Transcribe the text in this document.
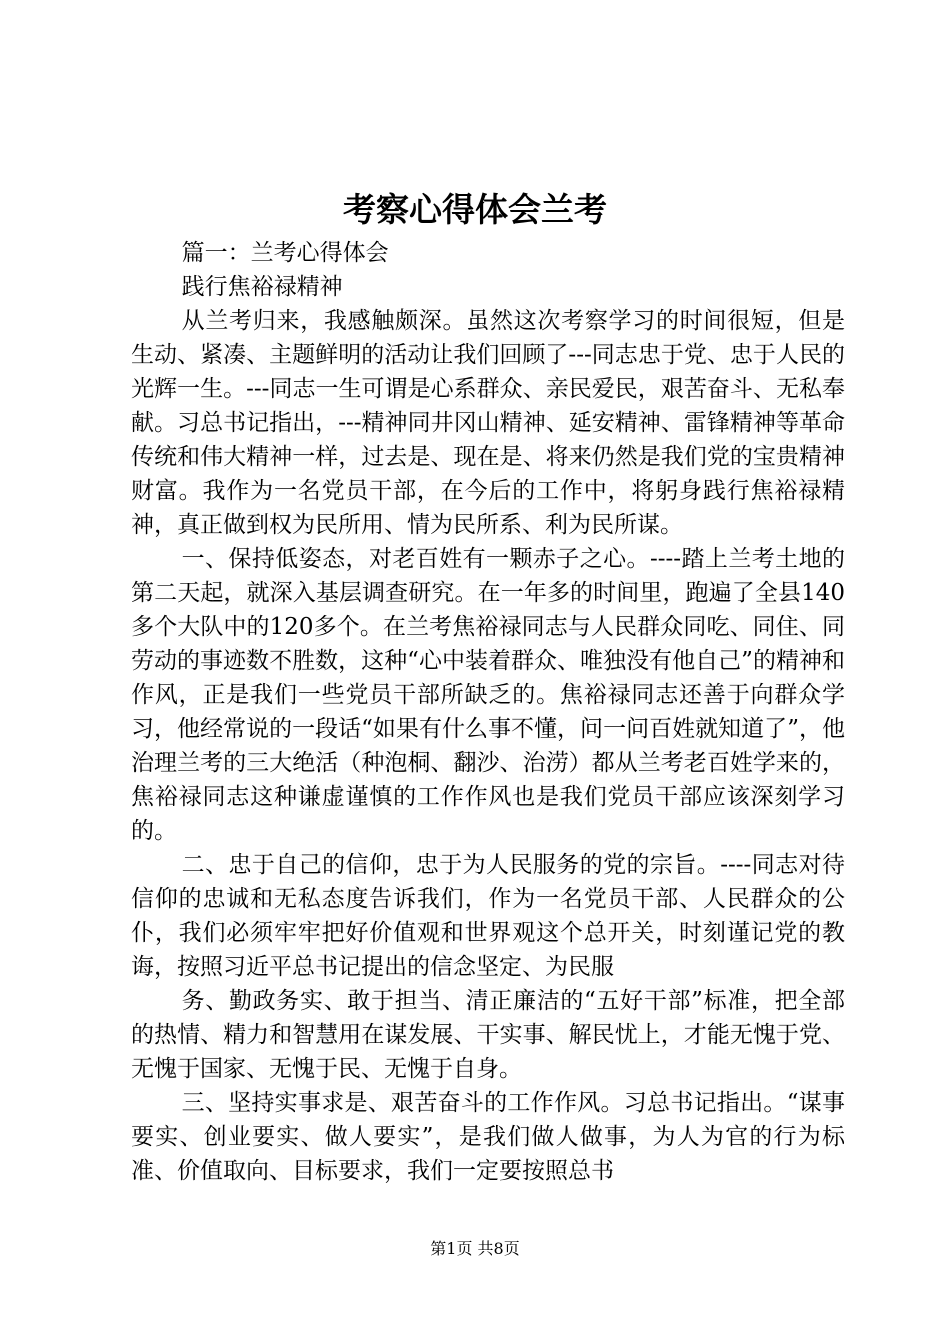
考察心得体会兰考

篇一：兰考心得体会

践行焦裕禄精神

从兰考归来，我感触颇深。虽然这次考察学习的时间很短，但是生动、紧凑、主题鲜明的活动让我们回顾了---同志忠于党、忠于人民的光辉一生。---同志一生可谓是心系群众、亲民爱民，艰苦奋斗、无私奉献。习总书记指出，---精神同井冈山精神、延安精神、雷锋精神等革命传统和伟大精神一样，过去是、现在是、将来仍然是我们党的宝贵精神财富。我作为一名党员干部，在今后的工作中，将躬身践行焦裕禄精神，真正做到权为民所用、情为民所系、利为民所谋。

一、保持低姿态，对老百姓有一颗赤子之心。----踏上兰考土地的第二天起，就深入基层调查研究。在一年多的时间里，跑遍了全县140多个大队中的120多个。在兰考焦裕禄同志与人民群众同吃、同住、同劳动的事迹数不胜数，这种“心中装着群众、唯独没有他自己”的精神和作风，正是我们一些党员干部所缺乏的。焦裕禄同志还善于向群众学习，他经常说的一段话“如果有什么事不懂，问一问百姓就知道了”，他治理兰考的三大绝活（种泡桐、翻沙、治涝）都从兰考老百姓学来的，焦裕禄同志这种谦虚谨慎的工作作风也是我们党员干部应该深刻学习的。

二、忠于自己的信仰，忠于为人民服务的党的宗旨。----同志对待信仰的忠诚和无私态度告诉我们，作为一名党员干部、人民群众的公仆，我们必须牢牢把好价值观和世界观这个总开关，时刻谨记党的教诲，按照习近平总书记提出的信念坚定、为民服

务、勤政务实、敢于担当、清正廉洁的“五好干部”标准，把全部的热情、精力和智慧用在谋发展、干实事、解民忧上，才能无愧于党、无愧于国家、无愧于民、无愧于自身。

三、坚持实事求是、艰苦奋斗的工作作风。习总书记指出。“谋事要实、创业要实、做人要实”，是我们做人做事，为人为官的行为标准、价值取向、目标要求，我们一定要按照总书

第1页 共8页
